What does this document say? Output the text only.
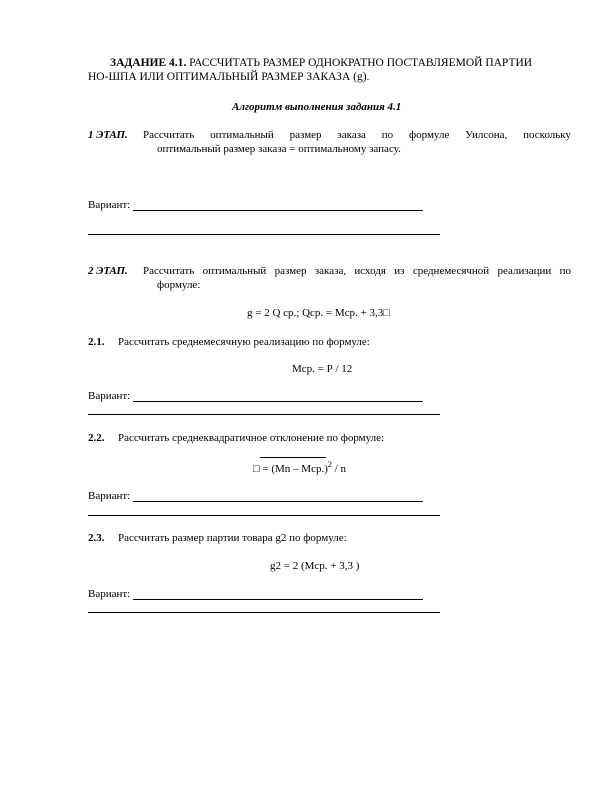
ЗАДАНИЕ 4.1. РАССЧИТАТЬ РАЗМЕР ОДНОКРАТНО ПОСТАВЛЯЕМОЙ ПАРТИИ
НО-ШПА ИЛИ ОПТИМАЛЬНЫЙ РАЗМЕР ЗАКАЗА (g).
Алгоритм выполнения задания 4.1
1 ЭТАП. Рассчитать оптимальный размер заказа по формуле Уилсона, поскольку
оптимальный размер заказа = оптимальному запасу.
Вариант:
2 ЭТАП. Рассчитать оптимальный размер заказа, исходя из среднемесячной реализации по
формуле:
g = 2 Q ср.; Qср. = Мср. + 3,3□
2.1. Рассчитать среднемесячную реализацию по формуле:
Мср. = Р / 12
Вариант:
2.2. Рассчитать среднеквадратичное отклонение по формуле:
□ = (Мn – Мср.)$^2$ / n
Вариант:
2.3. Рассчитать размер партии товара g2 по формуле:
g2 = 2 (Мср. + 3,3 )
Вариант:
